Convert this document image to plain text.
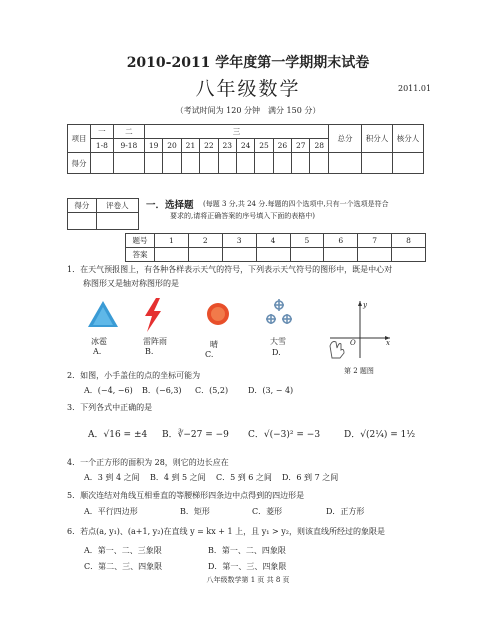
2010-2011 学年度第一学期期末试卷
八年级数学	2011.01
（考试时间为 120 分钟　满分 150 分）
项目	一	二	三										总分	积分人	核分人
	1-8	9-18	19	20	21	22	23	24	25	26	27	28			
得分															
得分	评卷人
	一．选择题 (每题 3 分,共 24 分.每题的四个选项中,只有一个选项是符合
要求的,请将正确答案的序号填入下面的表格中)
题号	1	2	3	4	5	6	7	8
答案								
1．在天气预报图上，有各种各样表示天气的符号，下列表示天气符号的图形中，既是中心对
称图形又是轴对称图形的是
冰雹	雷阵雨	晴	大雪
A.	B.	C.	D.
y
x
O
第 2 题图
2．如图，小手盖住的点的坐标可能为
A．(−4, −6) B．(−6,3) C．(5,2) D．(3, − 4)
3．下列各式中正确的是
A．√16 = ±4 B．∛−27 = −9 C．√(−3)² = −3	D．√(2¼) = 1½
4．一个正方形的面积为 28，则它的边长应在
A．3 到 4 之间 B．4 到 5 之间 C．5 到 6 之间 D．6 到 7 之间
5．顺次连结对角线互相垂直的等腰梯形四条边中点得到的四边形是
A．平行四边形	B．矩形	C．菱形	D．正方形
6．若点(a, y₁)、(a+1, y₂)在直线 y = kx + 1 上，且 y₁ > y₂，则该直线所经过的象限是
A．第一、二、三象限	B．第一、二、四象限
C．第二、三、四象限	D．第一、三、四象限
八年级数学第 1 页 共 8 页
